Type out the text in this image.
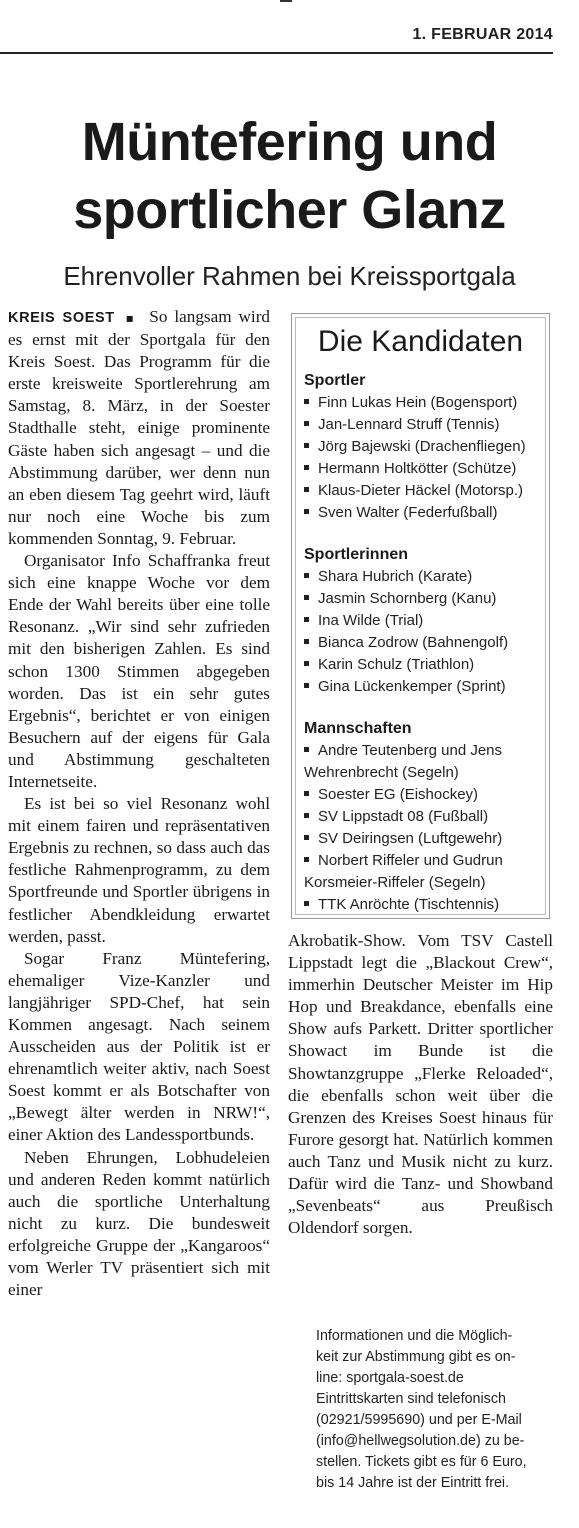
1. FEBRUAR 2014
Müntefering und
sportlicher Glanz
Ehrenvoller Rahmen bei Kreissportgala

KREIS SOEST ▪ So langsam wird es ernst mit der Sportgala für den Kreis Soest. Das Programm für die erste kreisweite Sportlerehrung am Samstag, 8. März, in der Soester Stadthalle steht, einige prominente Gäste haben sich angesagt – und die Abstimmung darüber, wer denn nun an eben diesem Tag geehrt wird, läuft nur noch eine Woche bis zum kommenden Sonntag, 9. Februar.

Organisator Info Schaffranka freut sich eine knappe Woche vor dem Ende der Wahl bereits über eine tolle Resonanz. „Wir sind sehr zufrieden mit den bisherigen Zahlen. Es sind schon 1300 Stimmen abgegeben worden. Das ist ein sehr gutes Ergebnis“, berichtet er von einigen Besuchern auf der eigens für Gala und Abstimmung geschalteten Internetseite.

Es ist bei so viel Resonanz wohl mit einem fairen und repräsentativen Ergebnis zu rechnen, so dass auch das festliche Rahmenprogramm, zu dem Sportfreunde und Sportler übrigens in festlicher Abendkleidung erwartet werden, passt.

Sogar Franz Müntefering, ehemaliger Vize-Kanzler und langjähriger SPD-Chef, hat sein Kommen angesagt. Nach seinem Ausscheiden aus der Politik ist er ehrenamtlich weiter aktiv, nach Soest Soest kommt er als Botschafter von „Bewegt älter werden in NRW!“, einer Aktion des Landessportbunds.

Neben Ehrungen, Lobhudeleien und anderen Reden kommt natürlich auch die sportliche Unterhaltung nicht zu kurz. Die bundesweit erfolgreiche Gruppe der „Kangaroos“ vom Werler TV präsentiert sich mit einer

Die Kandidaten
Sportler
Finn Lukas Hein (Bogensport)
Jan-Lennard Struff (Tennis)
Jörg Bajewski (Drachenfliegen)
Hermann Holtkötter (Schütze)
Klaus-Dieter Häckel (Motorsp.)
Sven Walter (Federfußball)
Sportlerinnen
Shara Hubrich (Karate)
Jasmin Schornberg (Kanu)
Ina Wilde (Trial)
Bianca Zodrow (Bahnengolf)
Karin Schulz (Triathlon)
Gina Lückenkemper (Sprint)
Mannschaften
Andre Teutenberg und Jens
Wehrenbrecht (Segeln)
Soester EG (Eishockey)
SV Lippstadt 08 (Fußball)
SV Deiringsen (Luftgewehr)
Norbert Riffeler und Gudrun
Korsmeier-Riffeler (Segeln)
TTK Anröchte (Tischtennis)

Akrobatik-Show. Vom TSV Castell Lippstadt legt die „Blackout Crew“, immerhin Deutscher Meister im Hip Hop und Breakdance, ebenfalls eine Show aufs Parkett. Dritter sportlicher Showact im Bunde ist die Showtanzgruppe „Flerke Reloaded“, die ebenfalls schon weit über die Grenzen des Kreises Soest hinaus für Furore gesorgt hat. Natürlich kommen auch Tanz und Musik nicht zu kurz. Dafür wird die Tanz- und Showband „Sevenbeats“ aus Preußisch Oldendorf sorgen.

Informationen und die Möglich-
keit zur Abstimmung gibt es on-
line: sportgala-soest.de
Eintrittskarten sind telefonisch
(02921/5995690) und per E-Mail
(info@hellwegsolution.de) zu be-
stellen. Tickets gibt es für 6 Euro,
bis 14 Jahre ist der Eintritt frei.
